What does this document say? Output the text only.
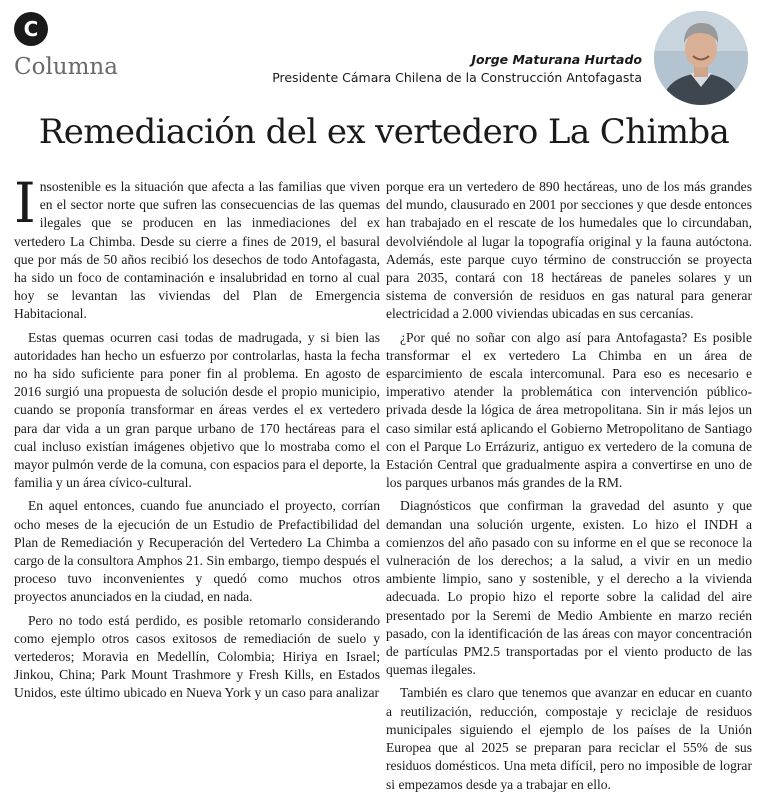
C
Columna	Jorge Maturana Hurtado
Presidente Cámara Chilena de la Construcción Antofagasta
Remediación del ex vertedero La Chimba

Insostenible es la situación que afecta a las familias que viven en el sector norte que sufren las consecuencias de las quemas ilegales que se producen en las inmediaciones del ex vertedero La Chimba. Desde su cierre a fines de 2019, el basural que por más de 50 años recibió los desechos de todo Antofagasta, ha sido un foco de contaminación e insalubridad en torno al cual hoy se levantan las viviendas del Plan de Emergencia Habitacional.

Estas quemas ocurren casi todas de madrugada, y si bien las autoridades han hecho un esfuerzo por controlarlas, hasta la fecha no ha sido suficiente para poner fin al problema. En agosto de 2016 surgió una propuesta de solución desde el propio municipio, cuando se proponía transformar en áreas verdes el ex vertedero para dar vida a un gran parque urbano de 170 hectáreas para el cual incluso existían imágenes objetivo que lo mostraba como el mayor pulmón verde de la comuna, con espacios para el deporte, la familia y un área cívico-cultural.

En aquel entonces, cuando fue anunciado el proyecto, corrían ocho meses de la ejecución de un Estudio de Prefactibilidad del Plan de Remediación y Recuperación del Vertedero La Chimba a cargo de la consultora Amphos 21. Sin embargo, tiempo después el proceso tuvo inconvenientes y quedó como muchos otros proyectos anunciados en la ciudad, en nada.

Pero no todo está perdido, es posible retomarlo considerando como ejemplo otros casos exitosos de remediación de suelo y vertederos; Moravia en Medellín, Colombia; Hiriya en Israel; Jinkou, China; Park Mount Trashmore y Fresh Kills, en Estados Unidos, este último ubicado en Nueva York y un caso para analizar

porque era un vertedero de 890 hectáreas, uno de los más grandes del mundo, clausurado en 2001 por secciones y que desde entonces han trabajado en el rescate de los humedales que lo circundaban, devolviéndole al lugar la topografía original y la fauna autóctona. Además, este parque cuyo término de construcción se proyecta para 2035, contará con 18 hectáreas de paneles solares y un sistema de conversión de residuos en gas natural para generar electricidad a 2.000 viviendas ubicadas en sus cercanías.

¿Por qué no soñar con algo así para Antofagasta? Es posible transformar el ex vertedero La Chimba en un área de esparcimiento de escala intercomunal. Para eso es necesario e imperativo atender la problemática con intervención público-privada desde la lógica de área metropolitana. Sin ir más lejos un caso similar está aplicando el Gobierno Metropolitano de Santiago con el Parque Lo Errázuriz, antiguo ex vertedero de la comuna de Estación Central que gradualmente aspira a convertirse en uno de los parques urbanos más grandes de la RM.

Diagnósticos que confirman la gravedad del asunto y que demandan una solución urgente, existen. Lo hizo el INDH a comienzos del año pasado con su informe en el que se reconoce la vulneración de los derechos; a la salud, a vivir en un medio ambiente limpio, sano y sostenible, y el derecho a la vivienda adecuada. Lo propio hizo el reporte sobre la calidad del aire presentado por la Seremi de Medio Ambiente en marzo recién pasado, con la identificación de las áreas con mayor concentración de partículas PM2.5 transportadas por el viento producto de las quemas ilegales.

También es claro que tenemos que avanzar en educar en cuanto a reutilización, reducción, compostaje y reciclaje de residuos municipales siguiendo el ejemplo de los países de la Unión Europea que al 2025 se preparan para reciclar el 55% de sus residuos domésticos. Una meta difícil, pero no imposible de lograr si empezamos desde ya a trabajar en ello.
